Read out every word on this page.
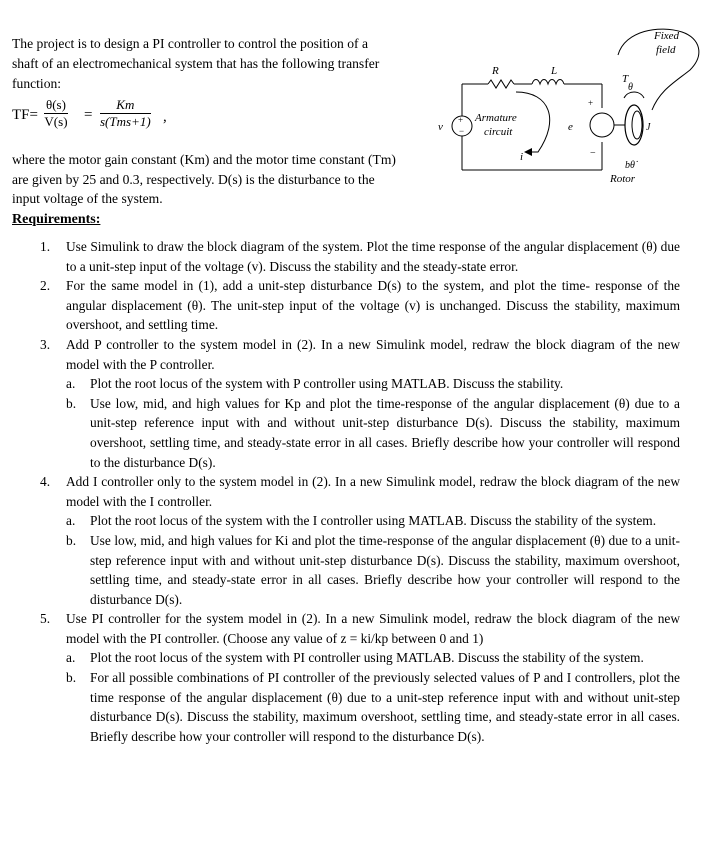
The project is to design a PI controller to control the position of a
shaft of an electromechanical system that has the following transfer
function:
$TF= \frac{\theta(s)}{V(s)}$ =
Km
s(Tms+1) ,
where the motor gain constant (Km) and the motor time constant (Tm)
are given by 25 and 0.3, respectively. D(s) is the disturbance to the
input voltage of the system.
Fixed
field
+
−
v
Armature
circuit
i
R	L
+
−
e	J
T
θ
bθ̇
Rotor
Requirements:
1. Use Simulink to draw the block diagram of the system. Plot the time response of the angular displacement (θ) due to a unit-step input of the voltage (v). Discuss the stability and the steady-state error.
2. For the same model in (1), add a unit-step disturbance D(s) to the system, and plot the time- response of the angular displacement (θ). The unit-step input of the voltage (v) is unchanged. Discuss the stability, maximum overshoot, and settling time.
3. Add P controller to the system model in (2). In a new Simulink model, redraw the block diagram of the new model with the P controller.
a. Plot the root locus of the system with P controller using MATLAB. Discuss the stability.
b. Use low, mid, and high values for Kp and plot the time-response of the angular displacement (θ) due to a unit-step reference input with and without unit-step disturbance D(s). Discuss the stability, maximum overshoot, settling time, and steady-state error in all cases. Briefly describe how your controller will respond to the disturbance D(s).
4. Add I controller only to the system model in (2). In a new Simulink model, redraw the block diagram of the new model with the I controller.
a. Plot the root locus of the system with the I controller using MATLAB. Discuss the stability of the system.
b. Use low, mid, and high values for Ki and plot the time-response of the angular displacement (θ) due to a unit-step reference input with and without unit-step disturbance D(s). Discuss the stability, maximum overshoot, settling time, and steady-state error in all cases. Briefly describe how your controller will respond to the disturbance D(s).
5. Use PI controller for the system model in (2). In a new Simulink model, redraw the block diagram of the new model with the PI controller. (Choose any value of z = ki/kp between 0 and 1)
a. Plot the root locus of the system with PI controller using MATLAB. Discuss the stability of the system.
b. For all possible combinations of PI controller of the previously selected values of P and I controllers, plot the time response of the angular displacement (θ) due to a unit-step reference input with and without unit-step disturbance D(s). Discuss the stability, maximum overshoot, settling time, and steady-state error in all cases. Briefly describe how your controller will respond to the disturbance D(s).
